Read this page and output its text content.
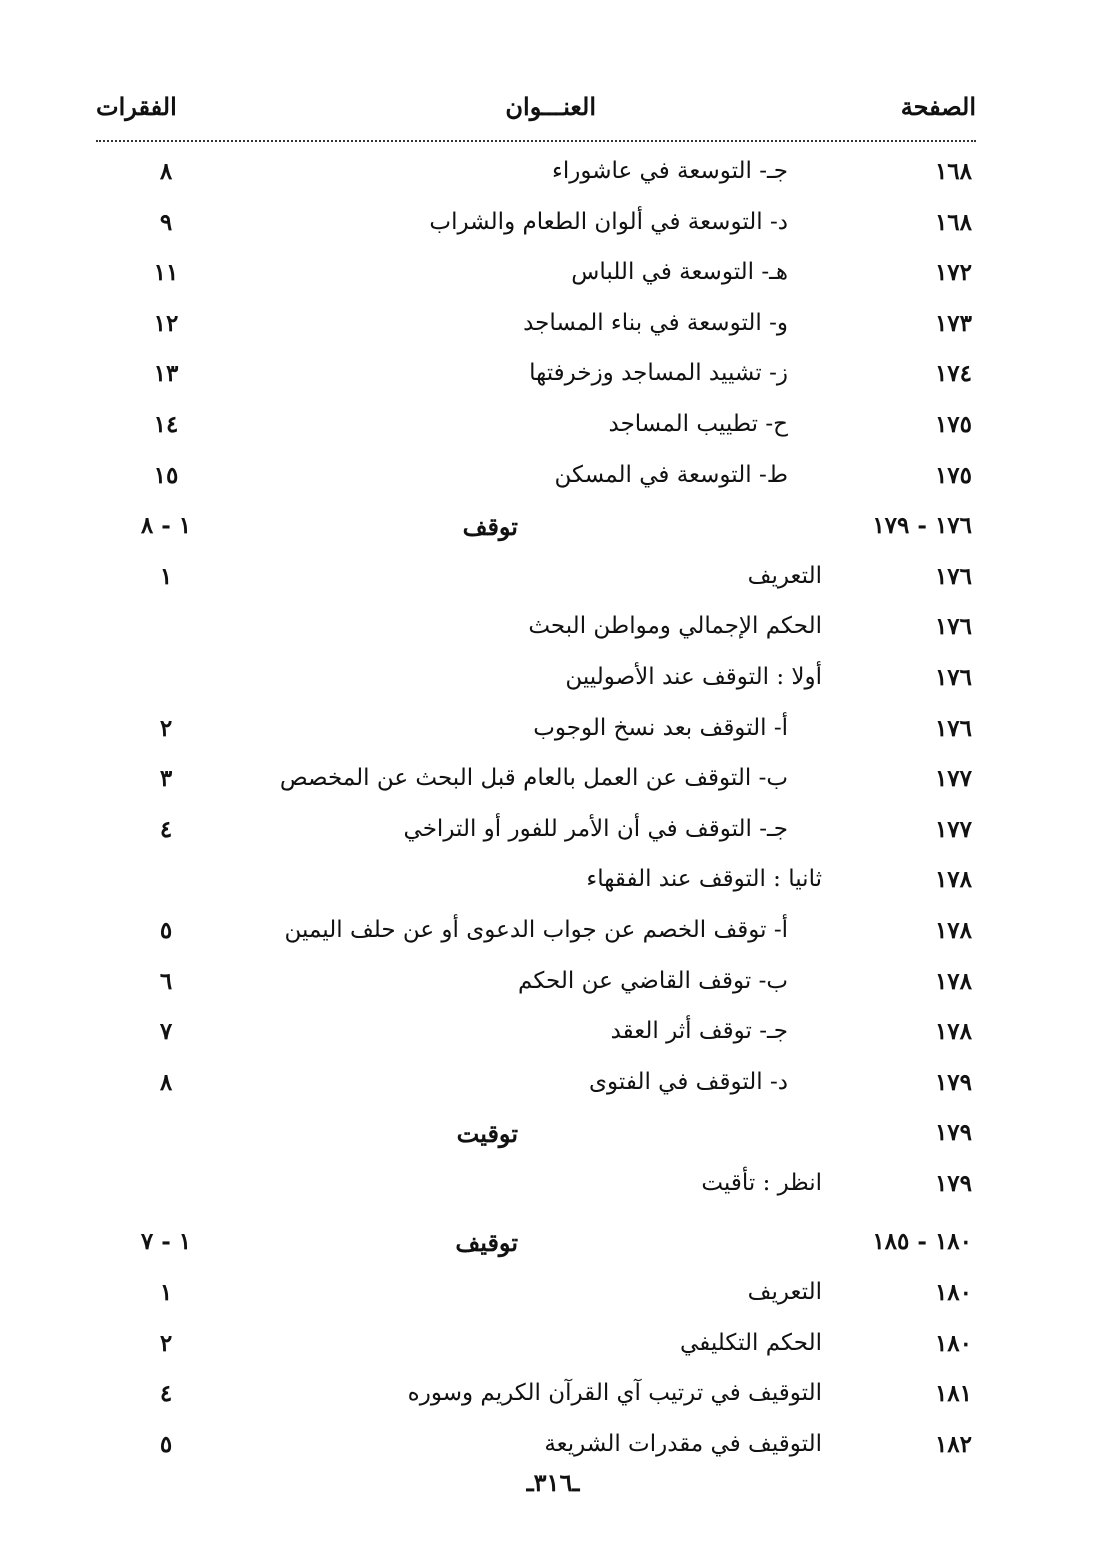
الصفحة
العنـــوان
الفقرات
١٦٨
جـ- التوسعة في عاشوراء
٨
١٦٨
د- التوسعة في ألوان الطعام والشراب
٩
١٧٢
هـ- التوسعة في اللباس
١١
١٧٣
و- التوسعة في بناء المساجد
١٢
١٧٤
ز- تشييد المساجد وزخرفتها
١٣
١٧٥
ح- تطييب المساجد
١٤
١٧٥
ط- التوسعة في المسكن
١٥
١٧٦ - ١٧٩
توقف
١ - ٨
١٧٦
التعريف
١
١٧٦
الحكم الإجمالي ومواطن البحث
١٧٦
أولا : التوقف عند الأصوليين
١٧٦
أ- التوقف بعد نسخ الوجوب
٢
١٧٧
ب- التوقف عن العمل بالعام قبل البحث عن المخصص
٣
١٧٧
جـ- التوقف في أن الأمر للفور أو التراخي
٤
١٧٨
ثانيا : التوقف عند الفقهاء
١٧٨
أ- توقف الخصم عن جواب الدعوى أو عن حلف اليمين
٥
١٧٨
ب- توقف القاضي عن الحكم
٦
١٧٨
جـ- توقف أثر العقد
٧
١٧٩
د- التوقف في الفتوى
٨
١٧٩
توقيت
١٧٩
انظر : تأقيت
١٨٠ - ١٨٥
توقيف
١ - ٧
١٨٠
التعريف
١
١٨٠
الحكم التكليفي
٢
١٨١
التوقيف في ترتيب آي القرآن الكريم وسوره
٤
١٨٢
التوقيف في مقدرات الشريعة
٥
ـ٣١٦ـ
